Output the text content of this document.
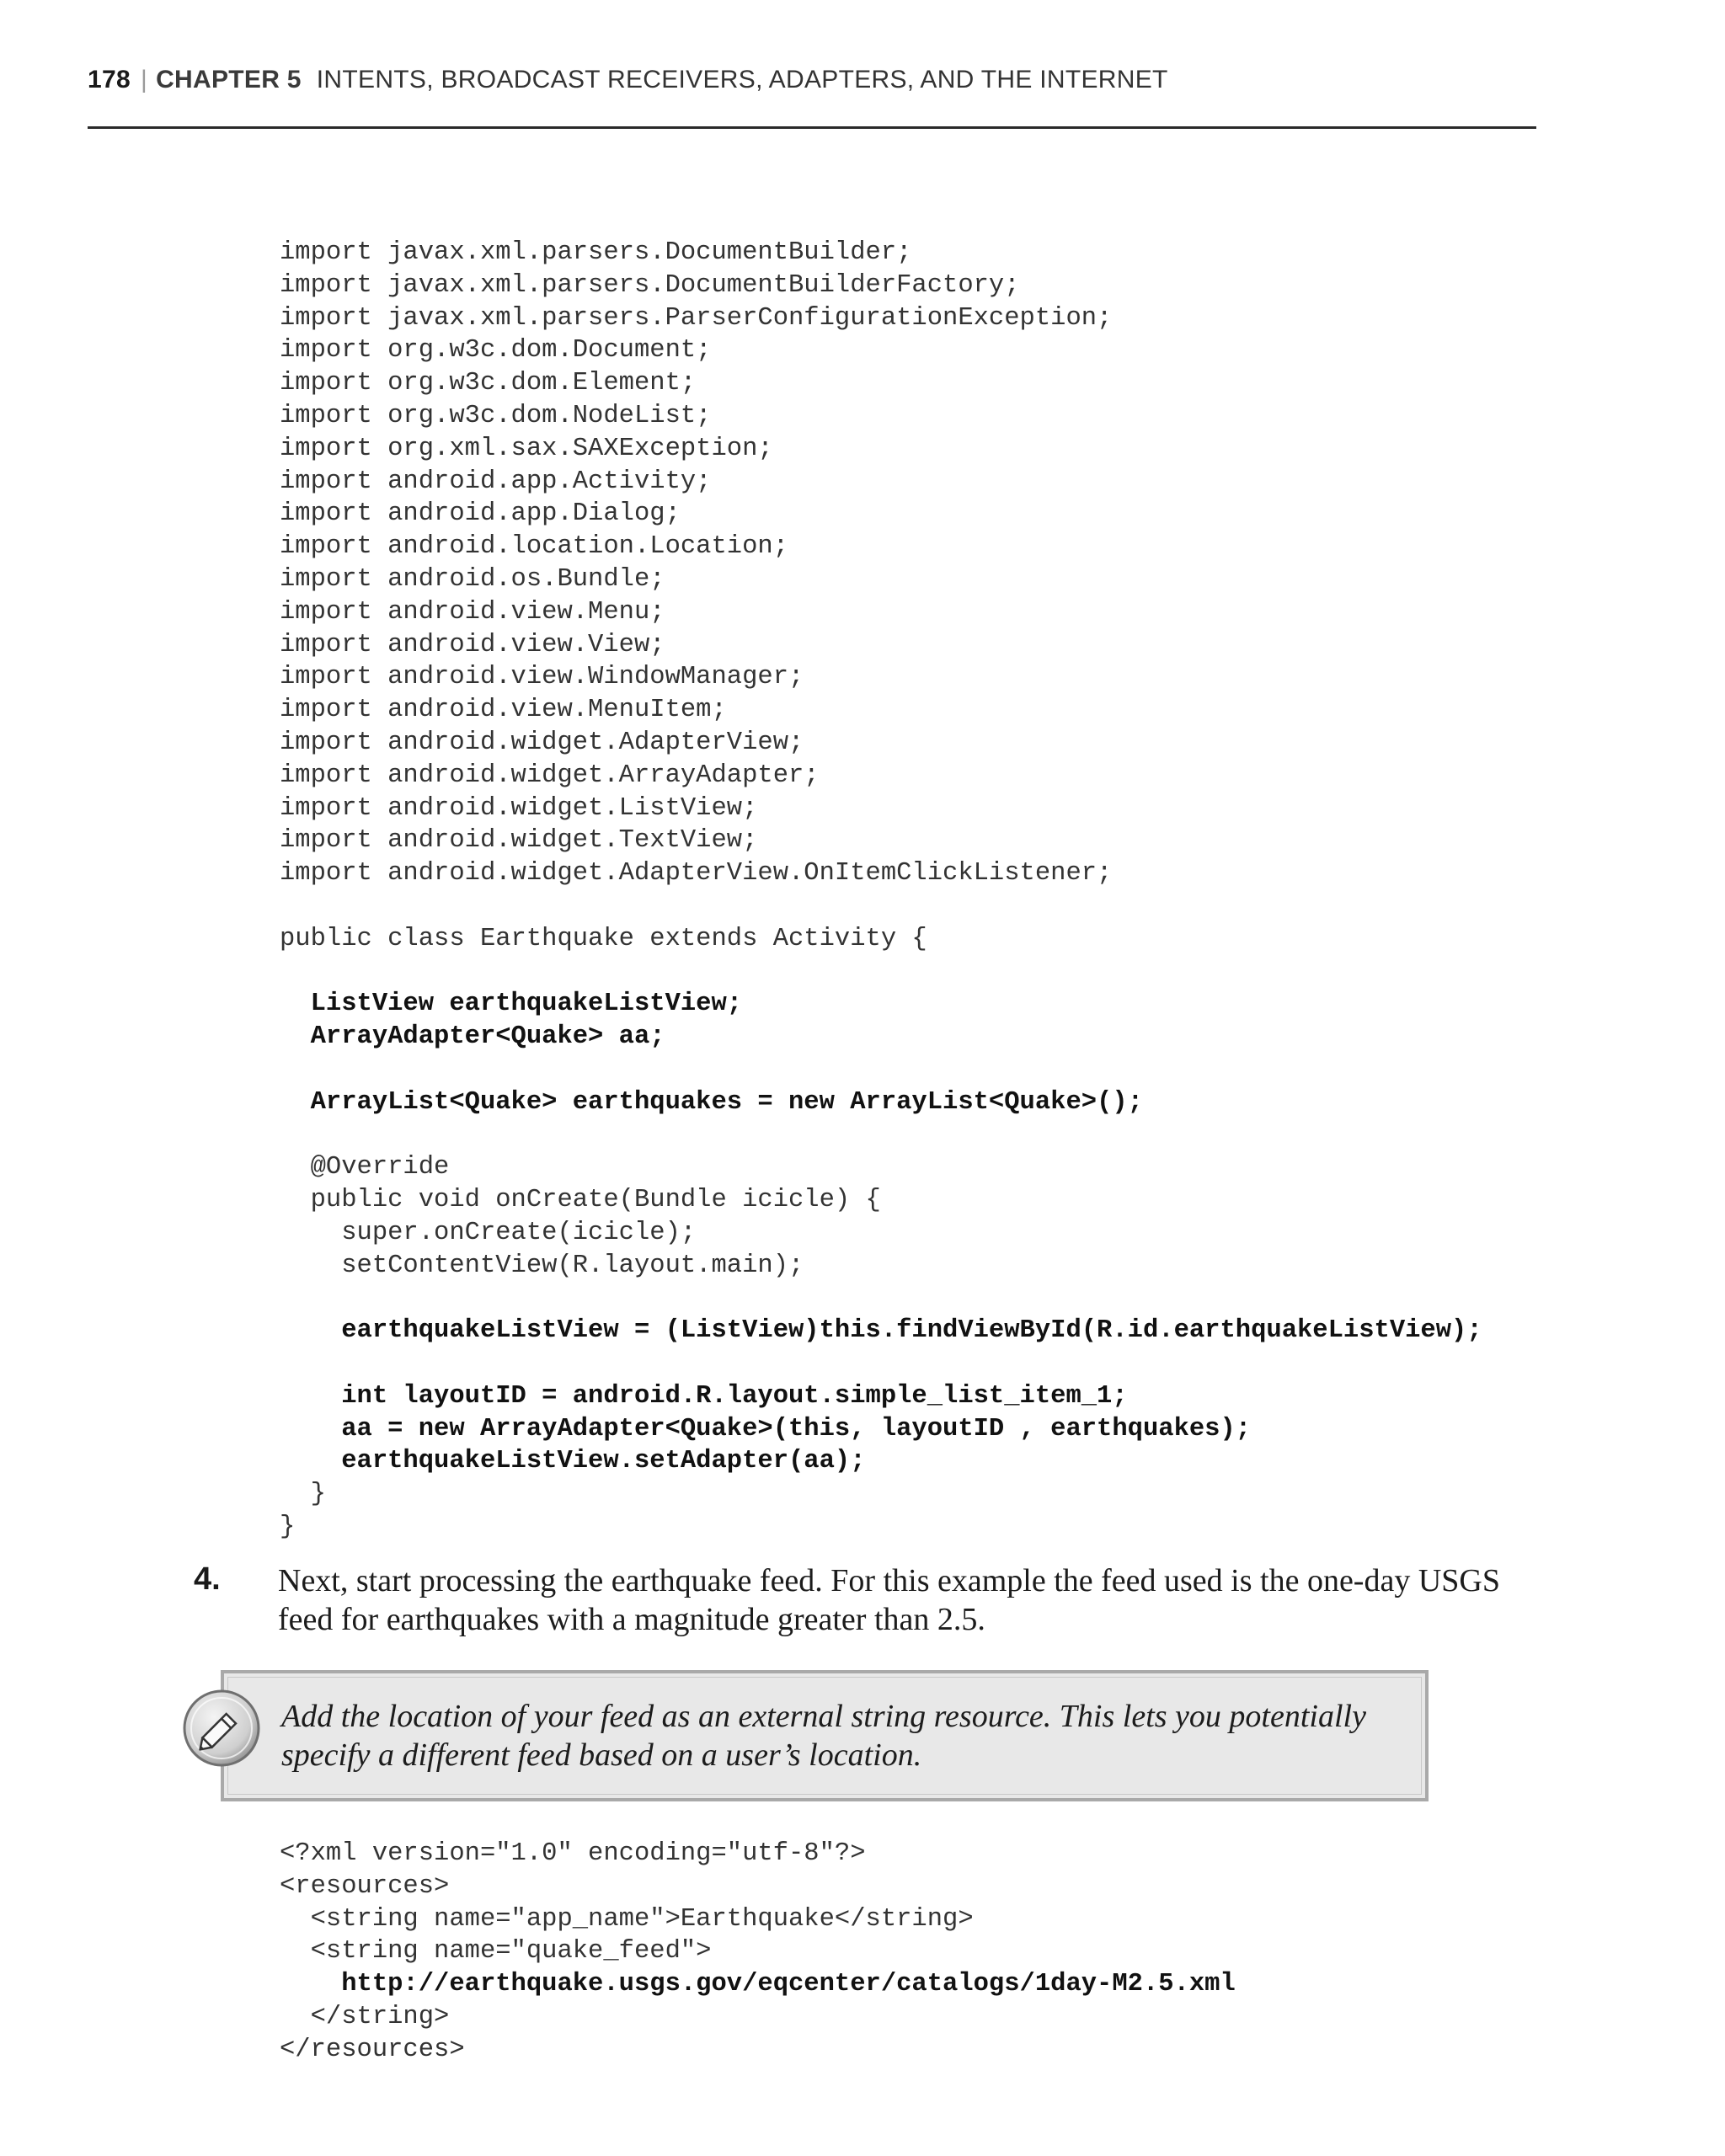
178 | CHAPTER 5 INTENTS, BROADCAST RECEIVERS, ADAPTERS, AND THE INTERNET
import javax.xml.parsers.DocumentBuilder;
import javax.xml.parsers.DocumentBuilderFactory;
import javax.xml.parsers.ParserConfigurationException;
import org.w3c.dom.Document;
import org.w3c.dom.Element;
import org.w3c.dom.NodeList;
import org.xml.sax.SAXException;
import android.app.Activity;
import android.app.Dialog;
import android.location.Location;
import android.os.Bundle;
import android.view.Menu;
import android.view.View;
import android.view.WindowManager;
import android.view.MenuItem;
import android.widget.AdapterView;
import android.widget.ArrayAdapter;
import android.widget.ListView;
import android.widget.TextView;
import android.widget.AdapterView.OnItemClickListener;
public class Earthquake extends Activity {
ListView earthquakeListView;
ArrayAdapter<Quake> aa;
ArrayList<Quake> earthquakes = new ArrayList<Quake>();
@Override
public void onCreate(Bundle icicle) {
super.onCreate(icicle);
setContentView(R.layout.main);
earthquakeListView = (ListView)this.findViewById(R.id.earthquakeListView);
int layoutID = android.R.layout.simple_list_item_1;
aa = new ArrayAdapter<Quake>(this, layoutID , earthquakes);
earthquakeListView.setAdapter(aa);
}
}
4. Next, start processing the earthquake feed. For this example the feed used is the one-day USGS feed for earthquakes with a magnitude greater than 2.5.

Add the location of your feed as an external string resource. This lets you potentially specify a different feed based on a user’s location.

<?xml version="1.0" encoding="utf-8"?>
<resources>
<string name="app_name">Earthquake</string>
<string name="quake_feed">
http://earthquake.usgs.gov/eqcenter/catalogs/1day-M2.5.xml
</string>
</resources>
